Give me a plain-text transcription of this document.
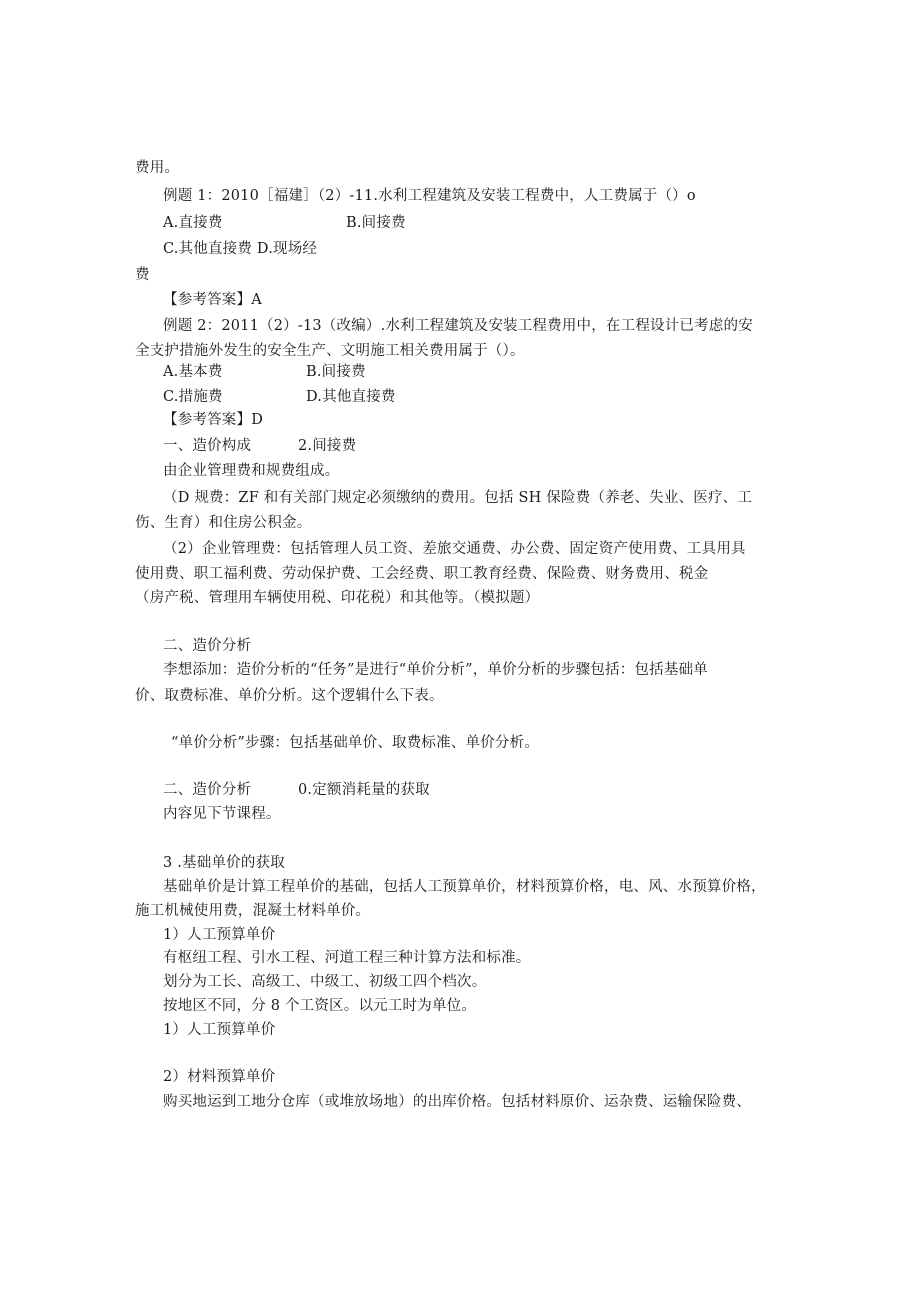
费用。
例题 1：2010［福建］（2）-11.水利工程建筑及安装工程费中，人工费属于（）o
A.直接费	B.间接费
C.其他直接费 D.现场经
费
【参考答案】A
例题 2：2011（2）-13（改编）.水利工程建筑及安装工程费用中，在工程设计已考虑的安
全支护措施外发生的安全生产、文明施工相关费用属于（）。
A.基本费	B.间接费
C.措施费	D.其他直接费
【参考答案】D
一、造价构成	2.间接费
由企业管理费和规费组成。
（D 规费：ZF 和有关部门规定必须缴纳的费用。包括 SH 保险费（养老、失业、医疗、工
伤、生育）和住房公积金。
（2）企业管理费：包括管理人员工资、差旅交通费、办公费、固定资产使用费、工具用具
使用费、职工福利费、劳动保护费、工会经费、职工教育经费、保险费、财务费用、税金
（房产税、管理用车辆使用税、印花税）和其他等。（模拟题）
二、造价分析
李想添加：造价分析的“任务”是进行“单价分析”，单价分析的步骤包括：包括基础单
价、取费标准、单价分析。这个逻辑什么下表。
“单价分析”步骤：包括基础单价、取费标准、单价分析。
二、造价分析	0.定额消耗量的获取
内容见下节课程。
3 .基础单价的获取
基础单价是计算工程单价的基础，包括人工预算单价，材料预算价格，电、风、水预算价格，
施工机械使用费，混凝土材料单价。
1）人工预算单价
有枢纽工程、引水工程、河道工程三种计算方法和标准。
划分为工长、高级工、中级工、初级工四个档次。
按地区不同，分 8 个工资区。以元工时为单位。
1）人工预算单价
2）材料预算单价
购买地运到工地分仓库（或堆放场地）的出库价格。包括材料原价、运杂费、运输保险费、
